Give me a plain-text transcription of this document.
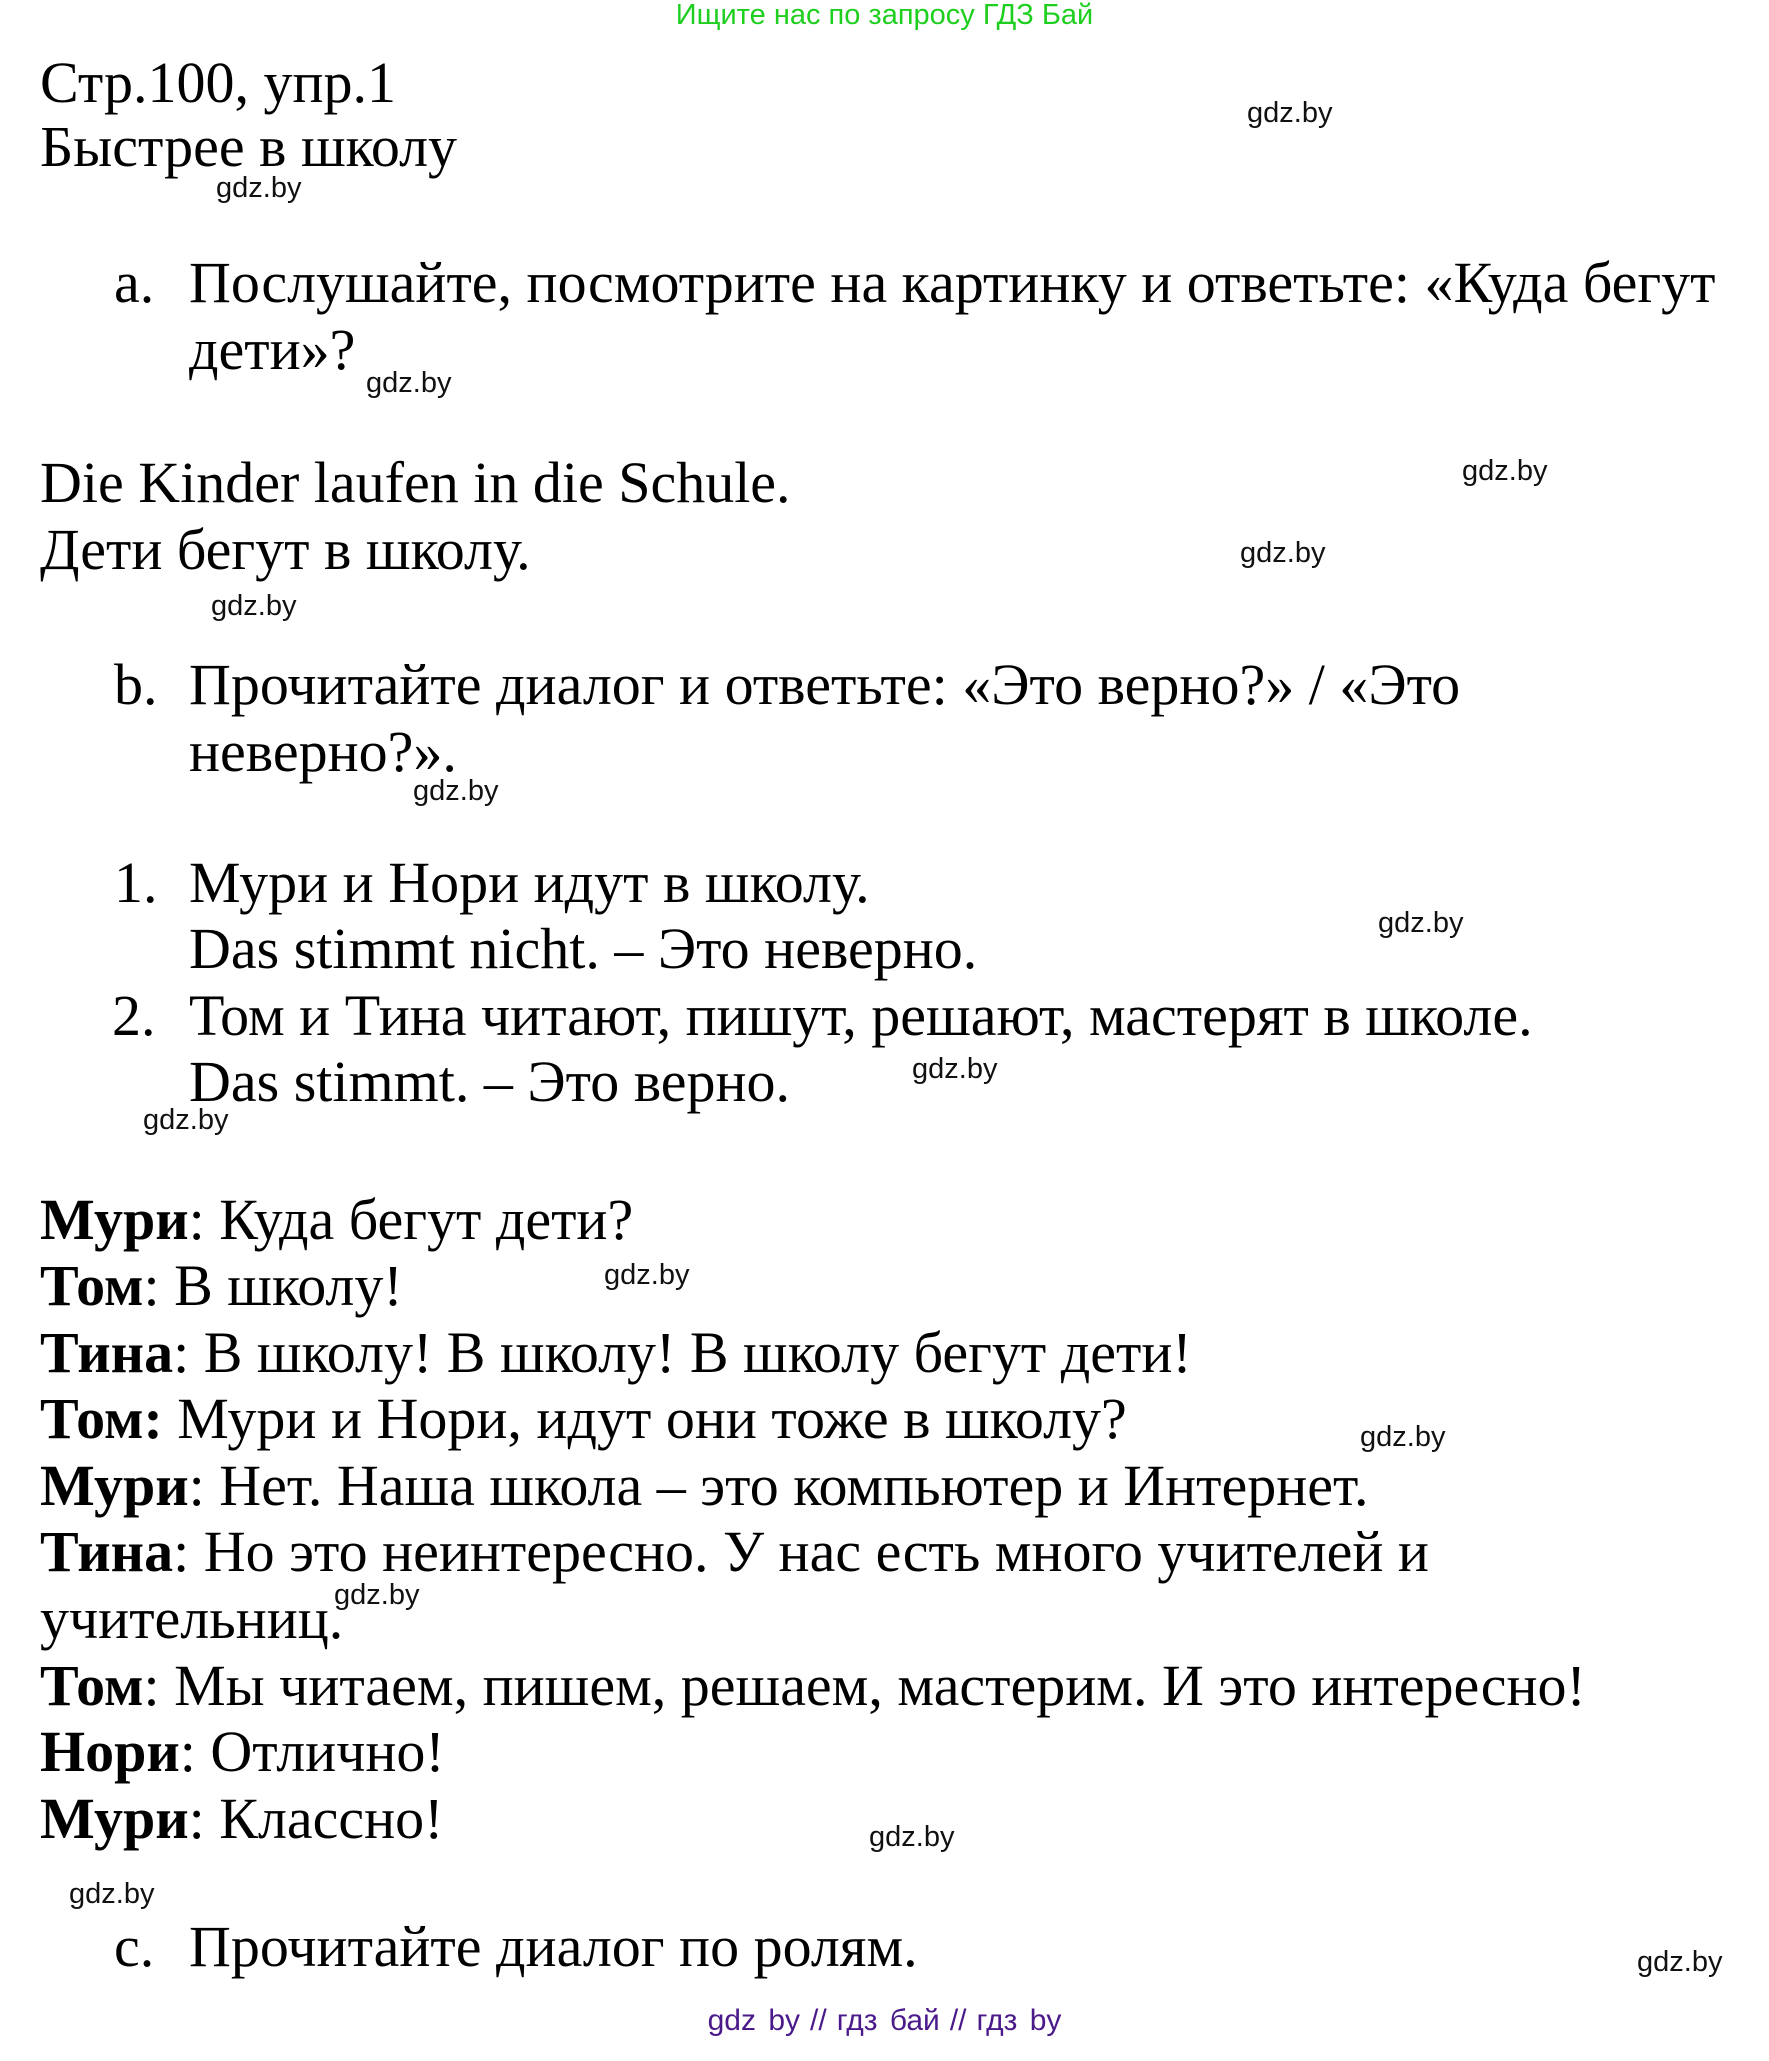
Ищите нас по запросу ГДЗ Бай
Стр.100, упр.1
Быстрее в школу
a. Послушайте, посмотрите на картинку и ответьте: «Куда бегут
дети»?
Die Kinder laufen in die Schule.
Дети бегут в школу.
b. Прочитайте диалог и ответьте: «Это верно?» / «Это
неверно?».
1. Мури и Нори идут в школу.
Das stimmt nicht. – Это неверно.
2. Том и Тина читают, пишут, решают, мастерят в школе.
Das stimmt. – Это верно.
Мури: Куда бегут дети?
Том: В школу!
Тина: В школу! В школу! В школу бегут дети!
Том: Мури и Нори, идут они тоже в школу?
Мури: Нет. Наша школа – это компьютер и Интернет.
Тина: Но это неинтересно. У нас есть много учителей и
учительниц.
Том: Мы читаем, пишем, решаем, мастерим. И это интересно!
Нори: Отлично!
Мури: Классно!
c. Прочитайте диалог по ролям.
gdz.by
gdz.by
gdz.by
gdz.by
gdz.by
gdz.by
gdz.by
gdz.by
gdz.by
gdz.by
gdz.by
gdz.by
gdz.by
gdz.by
gdz.by
gdz.by
gdz by // гдз бай // гдз by
